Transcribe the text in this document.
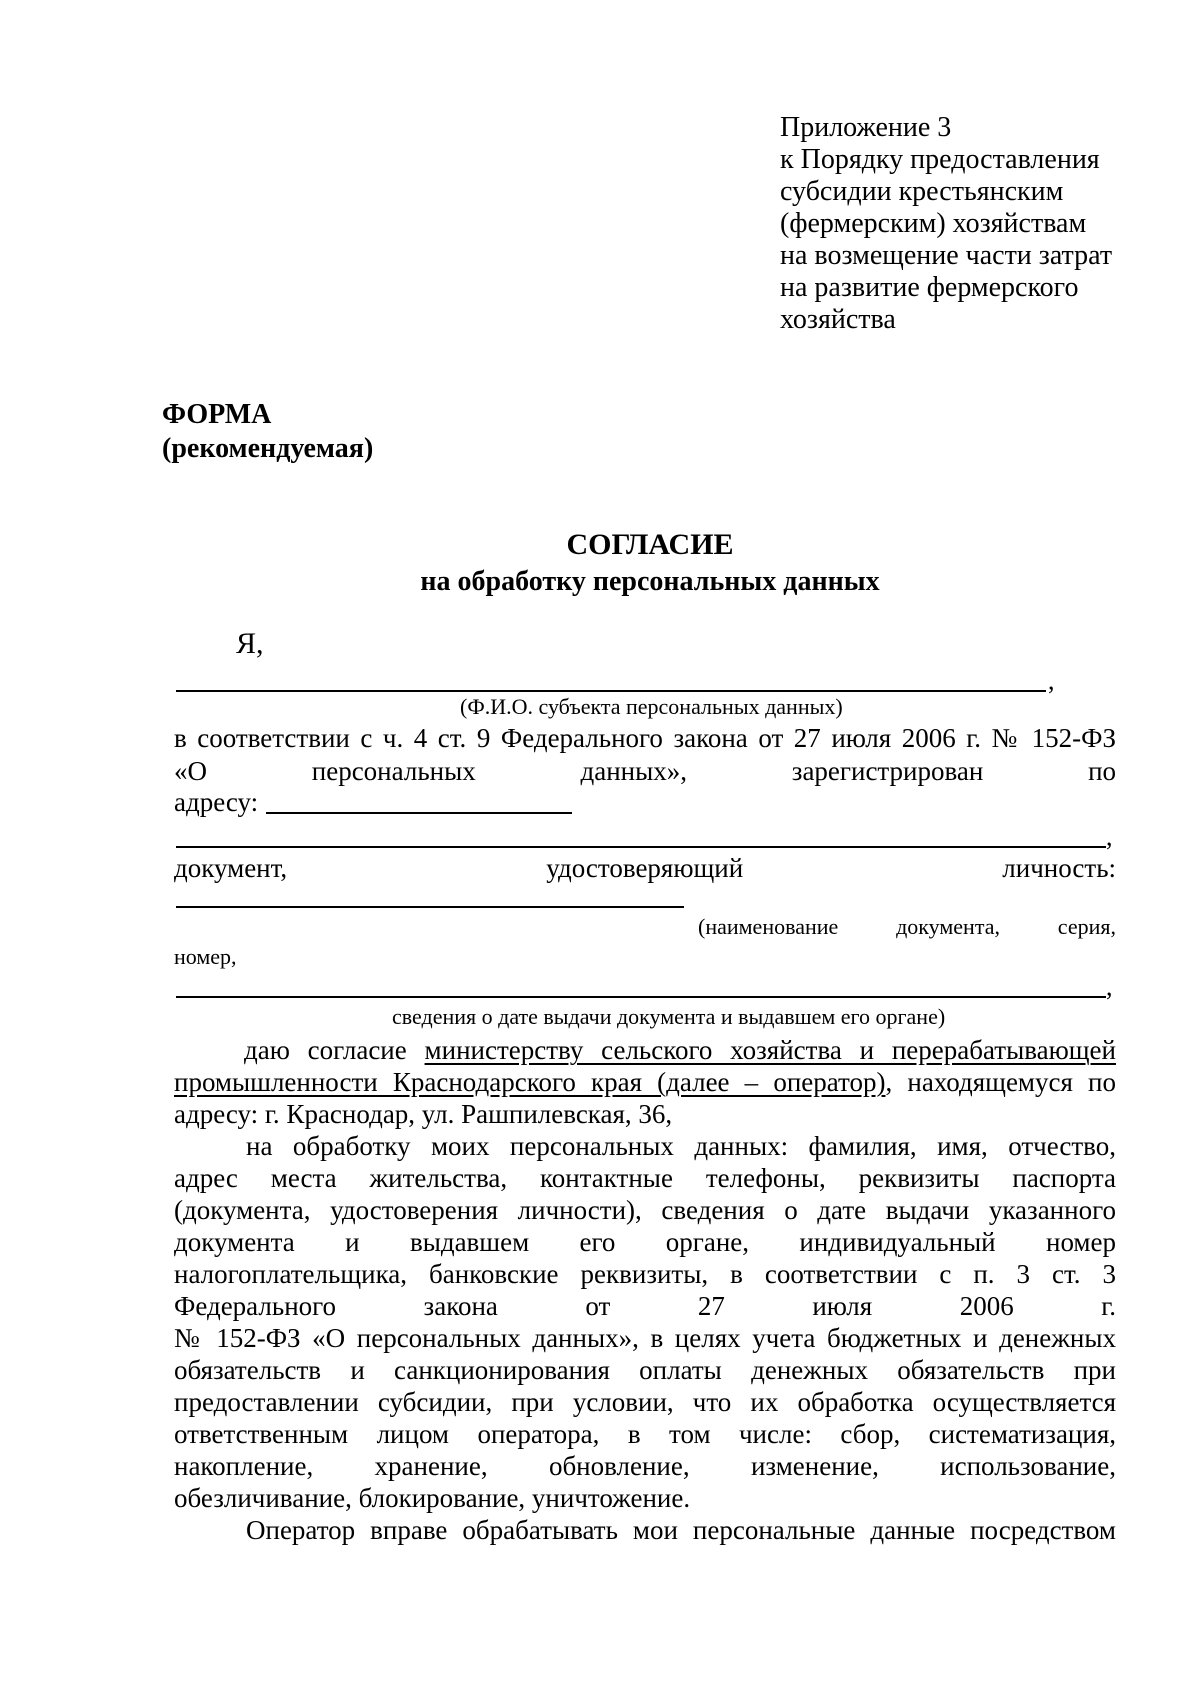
Приложение 3
к Порядку предоставления
субсидии крестьянским
(фермерским) хозяйствам
на возмещение части затрат
на развитие фермерского
хозяйства
ФОРМА
(рекомендуемая)
СОГЛАСИЕ
на обработку персональных данных
Я,
,
(Ф.И.О. субъекта персональных данных)
в соответствии с ч. 4 ст. 9 Федерального закона от 27 июля 2006 г. № 152-ФЗ
«О	персональных	данных»,	зарегистрирован	по
адресу:
,
документ,	удостоверяющий	личность:
(наименование	документа,	серия,
номер,
,
сведения о дате выдачи документа и выдавшем его органе)
даю согласие министерству сельского хозяйства и перерабатывающей
промышленности Краснодарского края (далее – оператор), находящемуся по
адресу: г. Краснодар, ул. Рашпилевская, 36,
на обработку моих персональных данных: фамилия, имя, отчество,
адрес места жительства, контактные телефоны, реквизиты паспорта
(документа, удостоверения личности), сведения о дате выдачи указанного
документа и выдавшем его органе, индивидуальный номер
налогоплательщика, банковские реквизиты, в соответствии с п. 3 ст. 3
Федерального закона от 27 июля 2006 г.
№ 152-ФЗ «О персональных данных», в целях учета бюджетных и денежных
обязательств и санкционирования оплаты денежных обязательств при
предоставлении субсидии, при условии, что их обработка осуществляется
ответственным лицом оператора, в том числе: сбор, систематизация,
накопление, хранение, обновление, изменение, использование,
обезличивание, блокирование, уничтожение.
Оператор вправе обрабатывать мои персональные данные посредством
